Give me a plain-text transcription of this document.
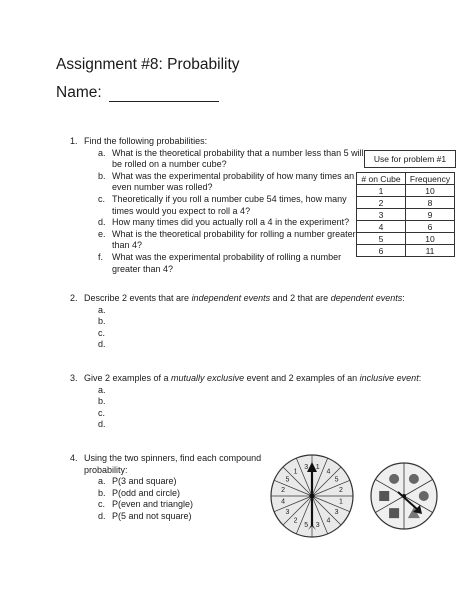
Assignment #8: Probability
Name:
1. Find the following probabilities:
a. What is the theoretical probability that a number less than 5 will
be rolled on a number cube?
b. What was the experimental probability of how many times an
even number was rolled?
c. Theoretically if you roll a number cube 54 times, how many
times would you expect to roll a 4?
d. How many times did you actually roll a 4 in the experiment?
e. What is the theoretical probability for rolling a number greater
than 4?
f. What was the experimental probability of rolling a number
greater than 4?
Use for problem #1
# on Cube	Frequency
1	10
2	8
3	9
4	6
5	10
6	11
2. Describe 2 events that are independent events and 2 that are dependent events:
a.
b.
c.
d.
3. Give 2 examples of a mutually exclusive event and 2 examples of an inclusive event:
a.
b.
c.
d.
4. Using the two spinners, find each compound
probability:
a. P(3 and square)
b. P(odd and circle)
c. P(even and triangle)
d. P(5 and not square)
1
4
5
2
1
3
4
3
5
2
3
4
2
5
1
3
